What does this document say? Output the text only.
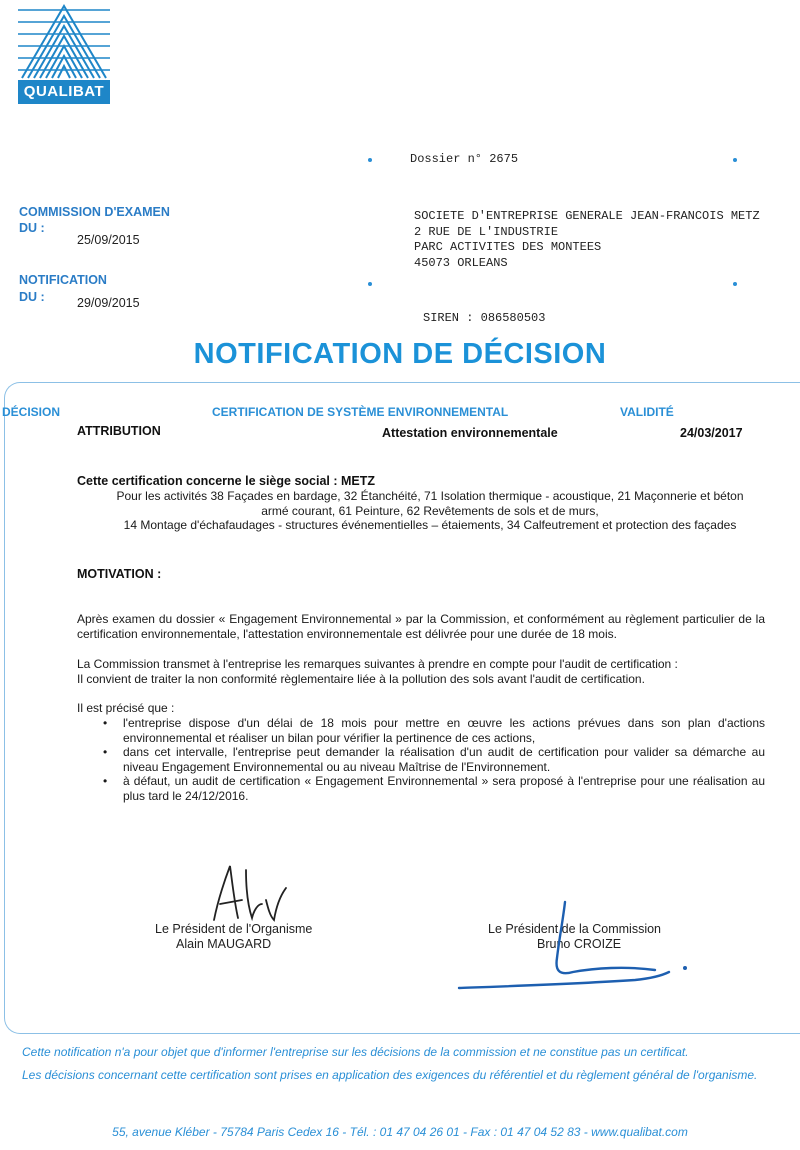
QUALIBAT
Dossier n° 2675
COMMISSION D'EXAMEN
DU :
25/09/2015
NOTIFICATION
DU :	29/09/2015
SOCIETE D'ENTREPRISE GENERALE JEAN-FRANCOIS METZ
2 RUE DE L'INDUSTRIE
PARC ACTIVITES DES MONTEES
45073 ORLEANS
SIREN : 086580503
NOTIFICATION DE DÉCISION
DÉCISION	CERTIFICATION DE SYSTÈME ENVIRONNEMENTAL	VALIDITÉ
ATTRIBUTION	Attestation environnementale	24/03/2017
Cette certification concerne le siège social : METZ
Pour les activités 38 Façades en bardage, 32 Étanchéité, 71 Isolation thermique - acoustique, 21 Maçonnerie et béton
armé courant, 61 Peinture, 62 Revêtements de sols et de murs,
14 Montage d'échafaudages - structures événementielles – étaiements, 34 Calfeutrement et protection des façades
MOTIVATION :
Après examen du dossier « Engagement Environnemental » par la Commission, et conformément au règlement particulier de la certification environnementale, l'attestation environnementale est délivrée pour une durée de 18 mois.
La Commission transmet à l'entreprise les remarques suivantes à prendre en compte pour l'audit de certification :
Il convient de traiter la non conformité règlementaire liée à la pollution des sols avant l'audit de certification.
Il est précisé que :
• l'entreprise dispose d'un délai de 18 mois pour mettre en œuvre les actions prévues dans son plan d'actions environnemental et réaliser un bilan pour vérifier la pertinence de ces actions,
• dans cet intervalle, l'entreprise peut demander la réalisation d'un audit de certification pour valider sa démarche au niveau Engagement Environnemental ou au niveau Maîtrise de l'Environnement.
• à défaut, un audit de certification « Engagement Environnemental » sera proposé à l'entreprise pour une réalisation au plus tard le 24/12/2016.
Le Président de l'Organisme
Alain MAUGARD
Le Président de la Commission
Bruno CROIZE
Cette notification n'a pour objet que d'informer l'entreprise sur les décisions de la commission et ne constitue pas un certificat.
Les décisions concernant cette certification sont prises en application des exigences du référentiel et du règlement général de l'organisme.
55, avenue Kléber - 75784 Paris Cedex 16 - Tél. : 01 47 04 26 01 - Fax : 01 47 04 52 83 - www.qualibat.com
